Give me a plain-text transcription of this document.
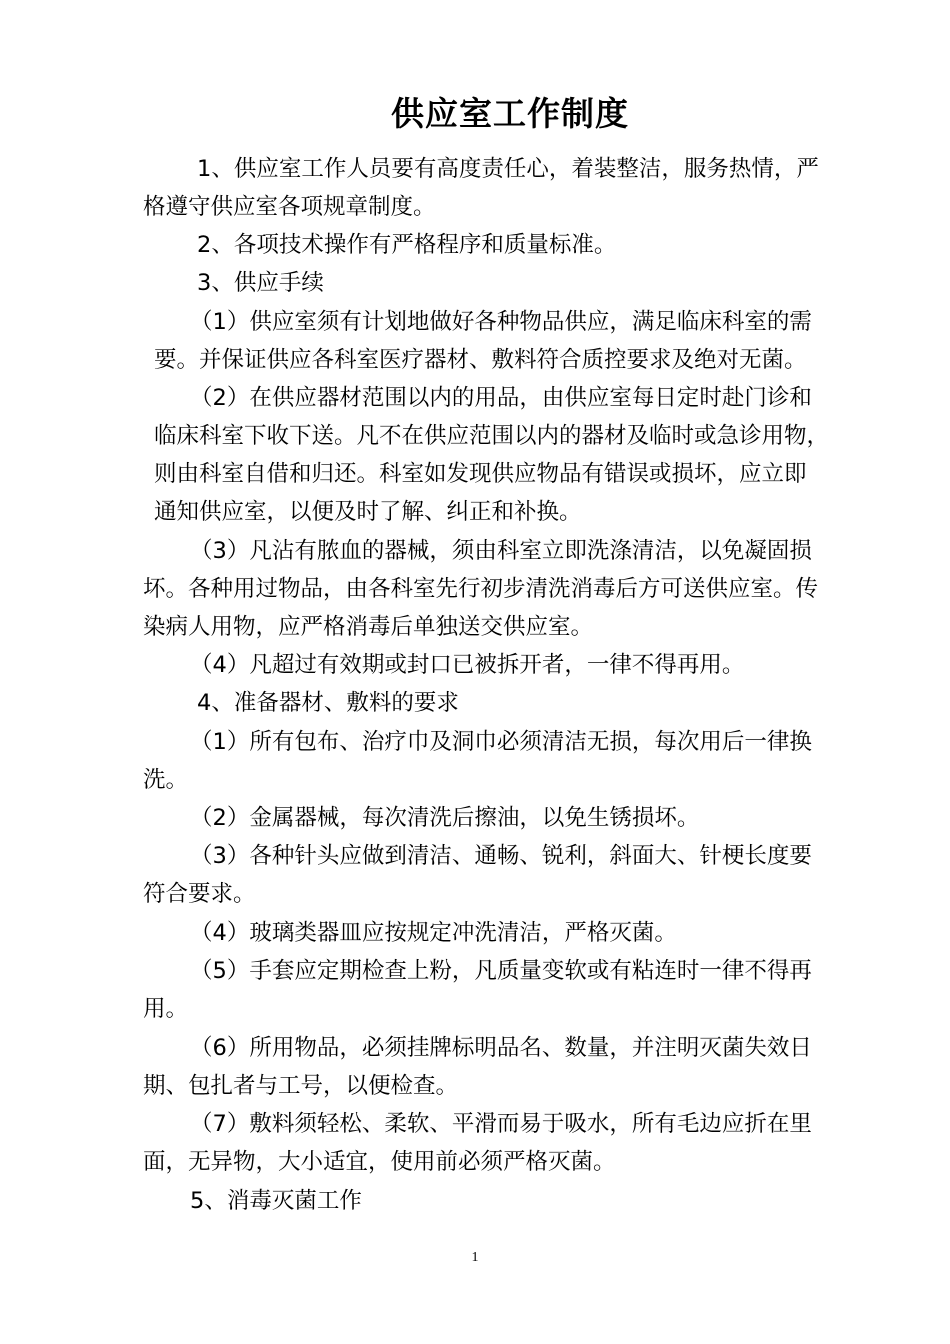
供应室工作制度
1、供应室工作人员要有高度责任心，着装整洁，服务热情，严
格遵守供应室各项规章制度。
2、各项技术操作有严格程序和质量标准。
3、供应手续
（1）供应室须有计划地做好各种物品供应，满足临床科室的需
要。并保证供应各科室医疗器材、敷料符合质控要求及绝对无菌。
（2）在供应器材范围以内的用品，由供应室每日定时赴门诊和
临床科室下收下送。凡不在供应范围以内的器材及临时或急诊用物，
则由科室自借和归还。科室如发现供应物品有错误或损坏，应立即
通知供应室，以便及时了解、纠正和补换。
（3）凡沾有脓血的器械，须由科室立即洗涤清洁，以免凝固损
坏。各种用过物品，由各科室先行初步清洗消毒后方可送供应室。传
染病人用物，应严格消毒后单独送交供应室。
（4）凡超过有效期或封口已被拆开者，一律不得再用。
4、准备器材、敷料的要求
（1）所有包布、治疗巾及洞巾必须清洁无损，每次用后一律换
洗。
（2）金属器械，每次清洗后擦油，以免生锈损坏。
（3）各种针头应做到清洁、通畅、锐利，斜面大、针梗长度要
符合要求。
（4）玻璃类器皿应按规定冲洗清洁，严格灭菌。
（5）手套应定期检查上粉，凡质量变软或有粘连时一律不得再
用。
（6）所用物品，必须挂牌标明品名、数量，并注明灭菌失效日
期、包扎者与工号，以便检查。
（7）敷料须轻松、柔软、平滑而易于吸水，所有毛边应折在里
面，无异物，大小适宜，使用前必须严格灭菌。
5、消毒灭菌工作
1
